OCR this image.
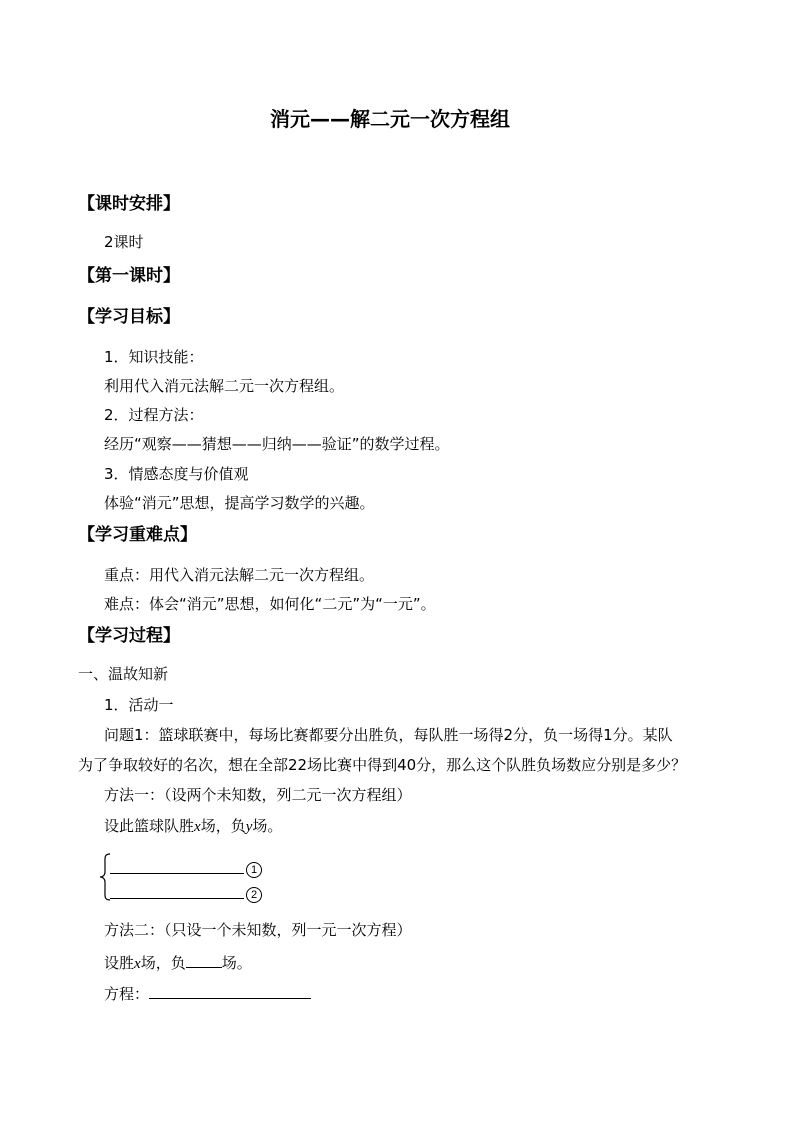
消元——解二元一次方程组
【课时安排】
2课时
【第一课时】
【学习目标】
1．知识技能：
利用代入消元法解二元一次方程组。
2．过程方法：
经历“观察——猜想——归纳——验证”的数学过程。
3．情感态度与价值观
体验“消元”思想，提高学习数学的兴趣。
【学习重难点】
重点：用代入消元法解二元一次方程组。
难点：体会“消元”思想，如何化“二元”为“一元”。
【学习过程】
一、温故知新
1．活动一
问题1：篮球联赛中，每场比赛都要分出胜负，每队胜一场得2分，负一场得1分。某队
为了争取较好的名次，想在全部22场比赛中得到40分，那么这个队胜负场数应分别是多少？
方法一：（设两个未知数，列二元一次方程组）
设此篮球队胜x场，负y场。
1
2
方法二：（只设一个未知数，列一元一次方程）
设胜x场，负 场。
方程：
